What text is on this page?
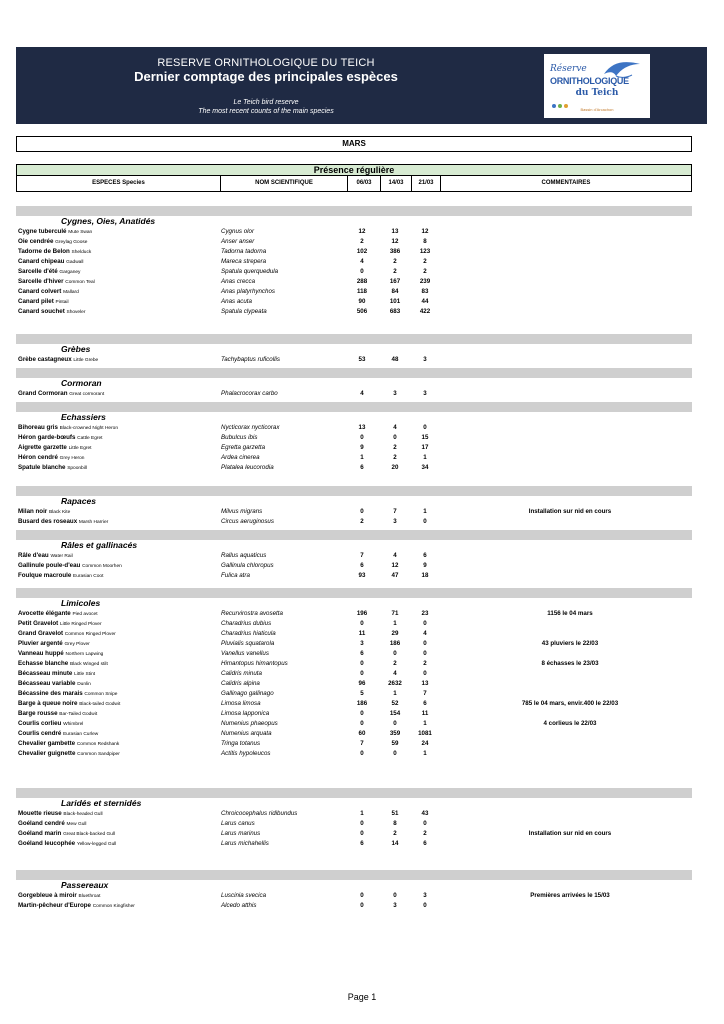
RESERVE ORNITHOLOGIQUE DU TEICH
Dernier comptage des principales espèces
Le Teich bird reserve
The most recent counts of the main species
Réserve
ORNITHOLOGIQUE
du Teich
Bassin d'Arcachon
MARS
Présence régulière
ESPECES Species	NOM SCIENTIFIQUE	06/03	14/03	21/03	COMMENTAIRES
Cygnes, Oies, Anatidés
Cygne tuberculé Mute Swan	Cygnus olor	12	13	12
Oie cendrée Greylag Goose	Anser anser	2	12	8
Tadorne de Belon Shelduck	Tadorna tadorna	102	386	123
Canard chipeau Gadwall	Mareca strepera	4	2	2
Sarcelle d'été Garganey	Spatula querquedula	0	2	2
Sarcelle d'hiver Common Teal	Anas crecca	288	167	239
Canard colvert Mallard	Anas platyrhynchos	118	84	83
Canard pilet Pintail	Anas acuta	90	101	44
Canard souchet Shoveler	Spatula clypeata	506	683	422
Grèbes
Grèbe castagneux Little Grebe	Tachybaptus ruficollis	53	48	3
Cormoran
Grand Cormoran Great cormorant	Phalacrocorax carbo	4	3	3
Echassiers
Bihoreau gris Black-crowned Night Heron	Nycticorax nycticorax	13	4	0
Héron garde-bœufs Cattle Egret	Bubulcus ibis	0	0	15
Aigrette garzette Little Egret	Egretta garzetta	9	2	17
Héron cendré Grey Heron	Ardea cinerea	1	2	1
Spatule blanche Spoonbill	Platalea leucorodia	6	20	34
Rapaces
Milan noir Black Kite	Milvus migrans	0	7	1	Installation sur nid en cours
Busard des roseaux Marsh Harrier	Circus aeruginosus	2	3	0
Râles et gallinacés
Râle d'eau Water Rail	Rallus aquaticus	7	4	6
Gallinule poule-d'eau Common Moorhen	Gallinula chloropus	6	12	9
Foulque macroule Eurasian Coot	Fulica atra	93	47	18
Limicoles
Avocette élégante Pied avocet	Recurvirostra avosetta	196	71	23	1156 le 04 mars
Petit Gravelot Little Ringed Plover	Charadrius dubius	0	1	0
Grand Gravelot Common Ringed Plover	Charadrius hiaticula	11	29	4
Pluvier argenté Grey Plover	Pluvialis squatarola	3	186	0	43 pluviers le 22/03
Vanneau huppé Northern Lapwing	Vanellus vanellus	6	0	0
Echasse blanche Black Winged stilt	Himantopus himantopus	0	2	2	8 échasses le 23/03
Bécasseau minute Little Stint	Calidris minuta	0	4	0
Bécasseau variable Dunlin	Calidris alpina	96	2632	13
Bécassine des marais Common Snipe	Gallinago gallinago	5	1	7
Barge à queue noire Black-tailed Godwit	Limosa limosa	186	52	6	785 le 04 mars, envir.400 le 22/03
Barge rousse Bar-Tailed Godwit	Limosa lapponica	0	154	11
Courlis corlieu Whimbrel	Numenius phaeopus	0	0	1	4 corlieus le 22/03
Courlis cendré Eurasian Curlew	Numenius arquata	60	359	1081
Chevalier gambette Common Redshank	Tringa totanus	7	59	24
Chevalier guignette Common Sandpiper	Actitis hypoleucos	0	0	1
Laridés et sternidés
Mouette rieuse Black-headed Gull	Chroicocephalus ridibundus	1	51	43
Goéland cendré Mew Gull	Larus canus	0	8	0
Goéland marin Great Black-backed Gull	Larus marinus	0	2	2	Installation sur nid en cours
Goéland leucophée Yellow-legged Gull	Larus michahellis	6	14	6
Passereaux
Gorgebleue à miroir Bluethroat	Luscinia svecica	0	0	3	Premières arrivées le 15/03
Martin-pêcheur d'Europe Common Kingfisher	Alcedo atthis	0	3	0
Page 1
